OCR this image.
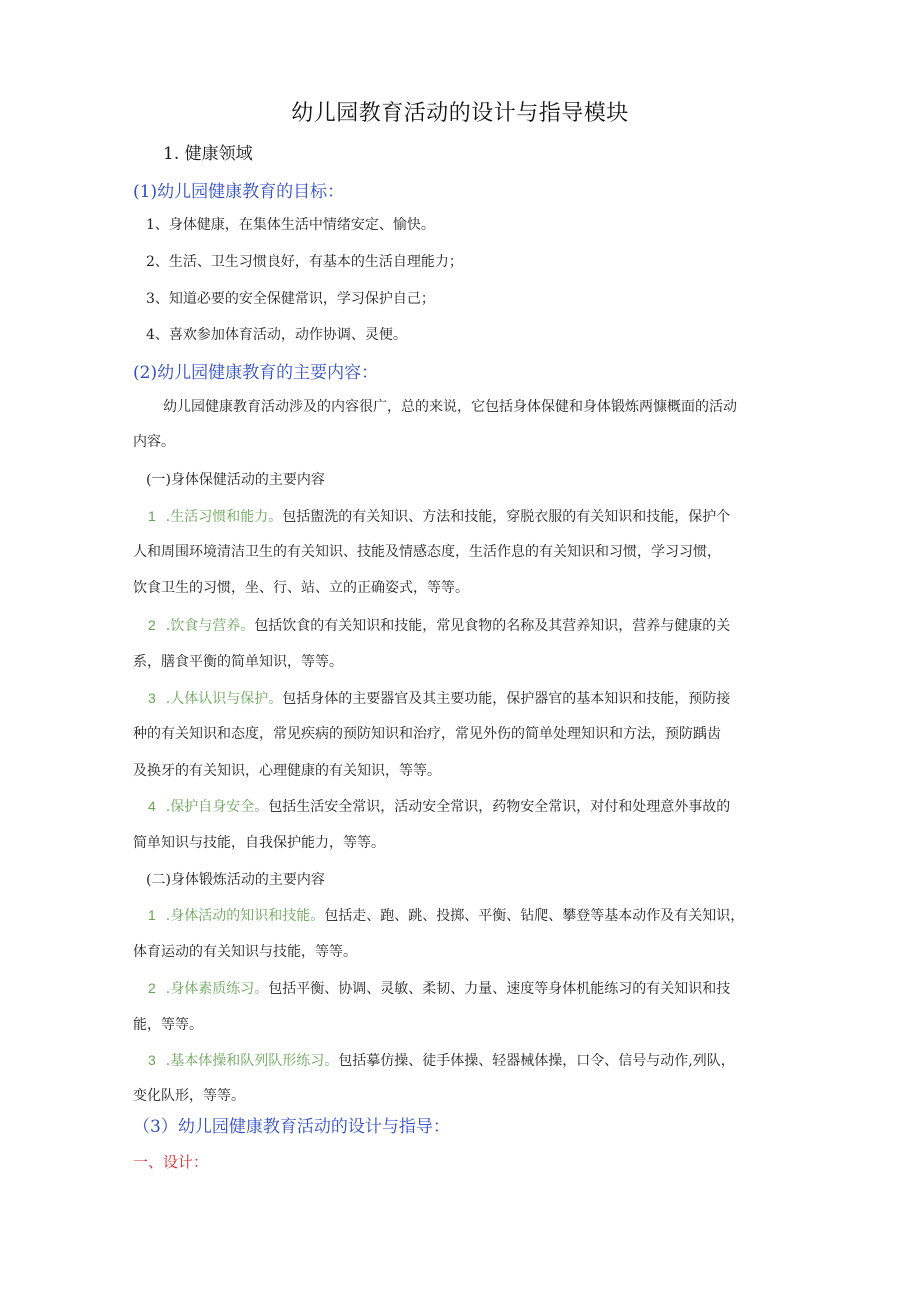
幼儿园教育活动的设计与指导模块
1. 健康领域
(1)幼儿园健康教育的目标：
1、身体健康，在集体生活中情绪安定、愉快。
2、生活、卫生习惯良好，有基本的生活自理能力；
3、知道必要的安全保健常识，学习保护自己；
4、喜欢参加体育活动，动作协调、灵便。
(2)幼儿园健康教育的主要内容：
幼儿园健康教育活动涉及的内容很广，总的来说，它包括身体保健和身体锻炼两慷概面的活动
内容。
(一)身体保健活动的主要内容
1 .生活习惯和能力。包括盥洗的有关知识、方法和技能，穿脱衣服的有关知识和技能，保护个
人和周围环境清洁卫生的有关知识、技能及情感态度，生活作息的有关知识和习惯，学习习惯，
饮食卫生的习惯，坐、行、站、立的正确姿式，等等。
2 .饮食与营养。包括饮食的有关知识和技能，常见食物的名称及其营养知识，营养与健康的关
系，膳食平衡的简单知识，等等。
3 .人体认识与保护。包括身体的主要器官及其主要功能，保护器官的基本知识和技能，预防接
种的有关知识和态度，常见疾病的预防知识和治疗，常见外伤的简单处理知识和方法，预防踽齿
及换牙的有关知识，心理健康的有关知识，等等。
4 .保护自身安全。包括生活安全常识，活动安全常识，药物安全常识，对付和处理意外事故的
简单知识与技能，自我保护能力，等等。
(二)身体锻炼活动的主要内容
1 .身体活动的知识和技能。包括走、跑、跳、投掷、平衡、钻爬、攀登等基本动作及有关知识，
体育运动的有关知识与技能，等等。
2 .身体素质练习。包括平衡、协调、灵敏、柔韧、力量、速度等身体机能练习的有关知识和技
能，等等。
3 .基本体操和队列队形练习。包括摹仿操、徒手体操、轻器械体操，口令、信号与动作,列队，
变化队形，等等。
（3）幼儿园健康教育活动的设计与指导：
一、设计：
